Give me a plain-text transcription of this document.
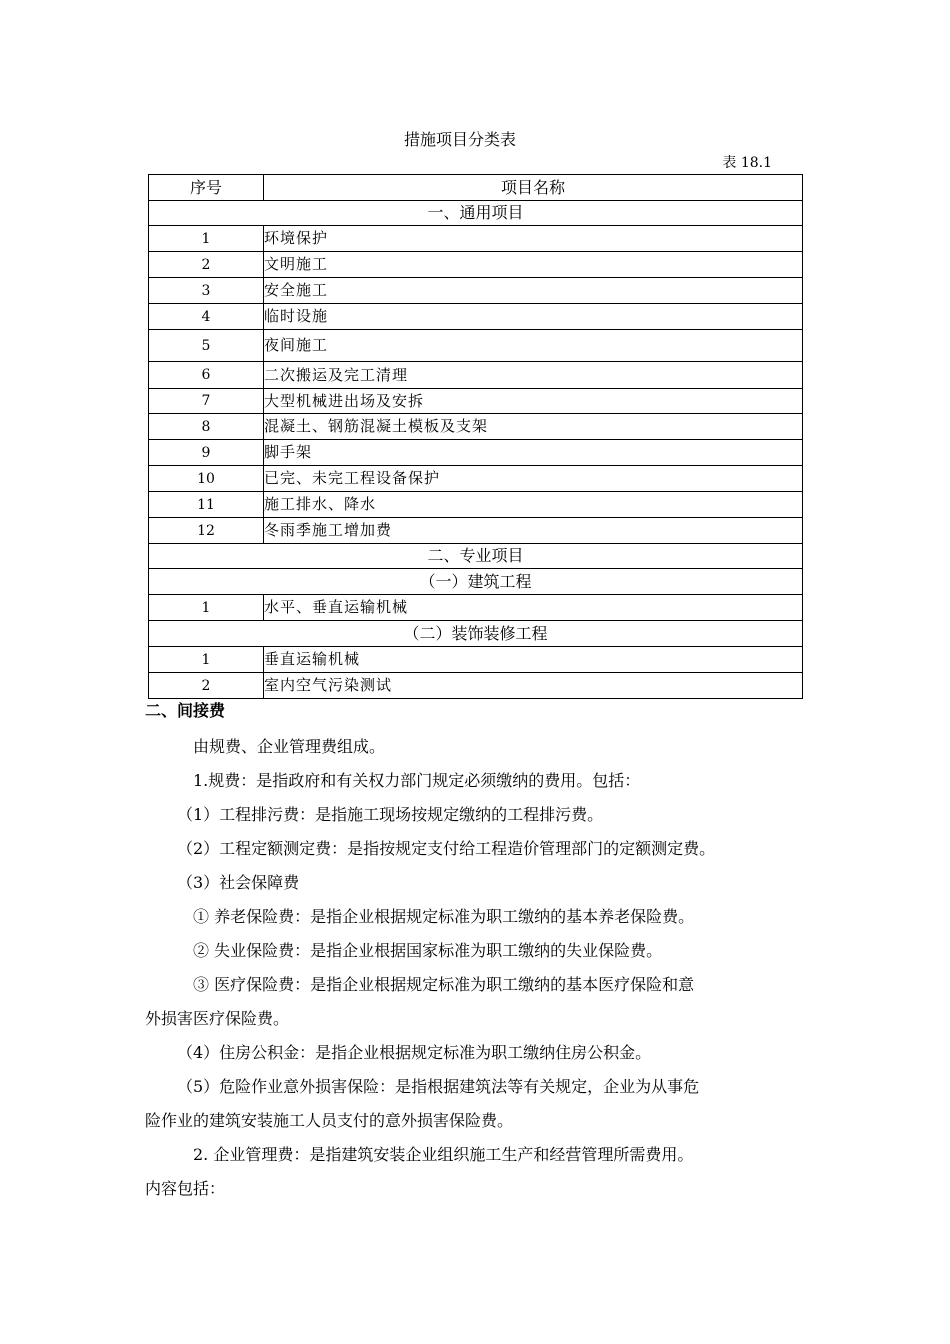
措施项目分类表
表 18.1
序号	项目名称
一、通用项目	
1	环境保护
2	文明施工
3	安全施工
4	临时设施
5	夜间施工
6	二次搬运及完工清理
7	大型机械进出场及安拆
8	混凝土、钢筋混凝土模板及支架
9	脚手架
10	已完、未完工程设备保护
11	施工排水、降水
12	冬雨季施工增加费
二、专业项目	
（一）建筑工程	
1	水平、垂直运输机械
（二）装饰装修工程	
1	垂直运输机械
2	室内空气污染测试
二、间接费
由规费、企业管理费组成。
1.规费：是指政府和有关权力部门规定必须缴纳的费用。包括：
（1）工程排污费：是指施工现场按规定缴纳的工程排污费。
（2）工程定额测定费：是指按规定支付给工程造价管理部门的定额测定费。
（3）社会保障费
① 养老保险费：是指企业根据规定标准为职工缴纳的基本养老保险费。
② 失业保险费：是指企业根据国家标准为职工缴纳的失业保险费。
③ 医疗保险费：是指企业根据规定标准为职工缴纳的基本医疗保险和意
外损害医疗保险费。
（4）住房公积金：是指企业根据规定标准为职工缴纳住房公积金。
（5）危险作业意外损害保险：是指根据建筑法等有关规定，企业为从事危
险作业的建筑安装施工人员支付的意外损害保险费。
2. 企业管理费：是指建筑安装企业组织施工生产和经营管理所需费用。
内容包括：
